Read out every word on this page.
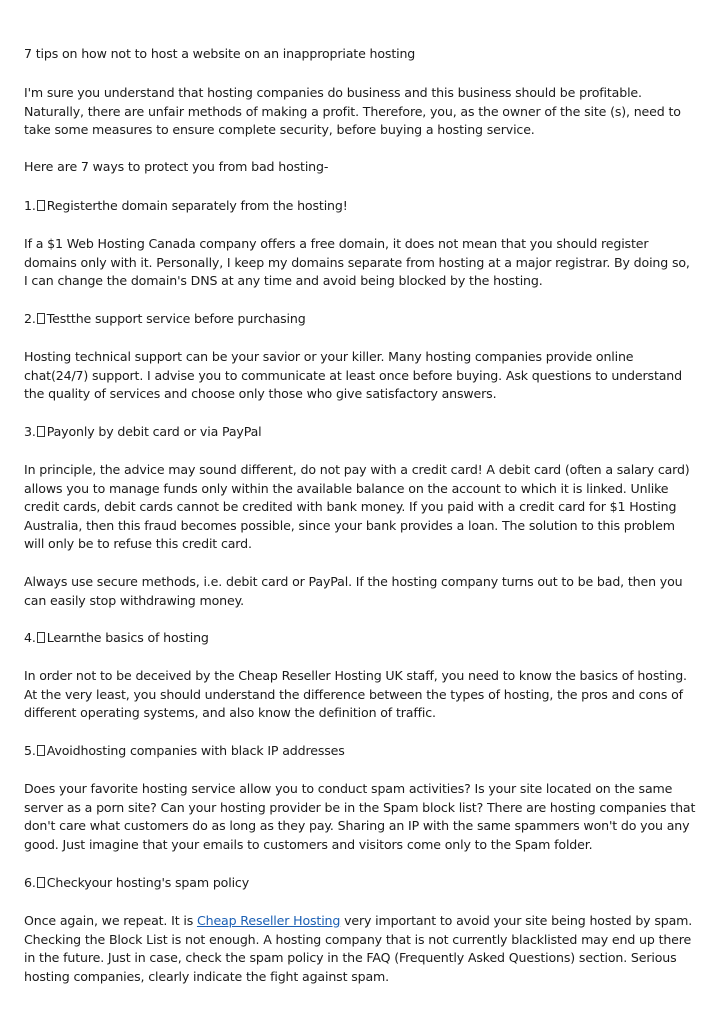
7 tips on how not to host a website on an inappropriate hosting
I'm sure you understand that hosting companies do business and this business should be profitable. Naturally, there are unfair methods of making a profit. Therefore, you, as the owner of the site (s), need to take some measures to ensure complete security, before buying a hosting service.
Here are 7 ways to protect you from bad hosting-
1. Registerthe domain separately from the hosting!
If a $1 Web Hosting Canada company offers a free domain, it does not mean that you should register domains only with it. Personally, I keep my domains separate from hosting at a major registrar. By doing so, I can change the domain's DNS at any time and avoid being blocked by the hosting.
2. Testthe support service before purchasing
Hosting technical support can be your savior or your killer. Many hosting companies provide online chat(24/7) support. I advise you to communicate at least once before buying. Ask questions to understand the quality of services and choose only those who give satisfactory answers.
3. Payonly by debit card or via PayPal
In principle, the advice may sound different, do not pay with a credit card! A debit card (often a salary card) allows you to manage funds only within the available balance on the account to which it is linked. Unlike credit cards, debit cards cannot be credited with bank money. If you paid with a credit card for $1 Hosting Australia, then this fraud becomes possible, since your bank provides a loan. The solution to this problem will only be to refuse this credit card.
Always use secure methods, i.e. debit card or PayPal. If the hosting company turns out to be bad, then you can easily stop withdrawing money.
4. Learnthe basics of hosting
In order not to be deceived by the Cheap Reseller Hosting UK staff, you need to know the basics of hosting. At the very least, you should understand the difference between the types of hosting, the pros and cons of different operating systems, and also know the definition of traffic.
5. Avoidhosting companies with black IP addresses
Does your favorite hosting service allow you to conduct spam activities? Is your site located on the same server as a porn site? Can your hosting provider be in the Spam block list? There are hosting companies that don't care what customers do as long as they pay. Sharing an IP with the same spammers won't do you any good. Just imagine that your emails to customers and visitors come only to the Spam folder.
6. Checkyour hosting's spam policy
Once again, we repeat. It is Cheap Reseller Hosting very important to avoid your site being hosted by spam. Checking the Block List is not enough. A hosting company that is not currently blacklisted may end up there in the future. Just in case, check the spam policy in the FAQ (Frequently Asked Questions) section. Serious hosting companies, clearly indicate the fight against spam.
